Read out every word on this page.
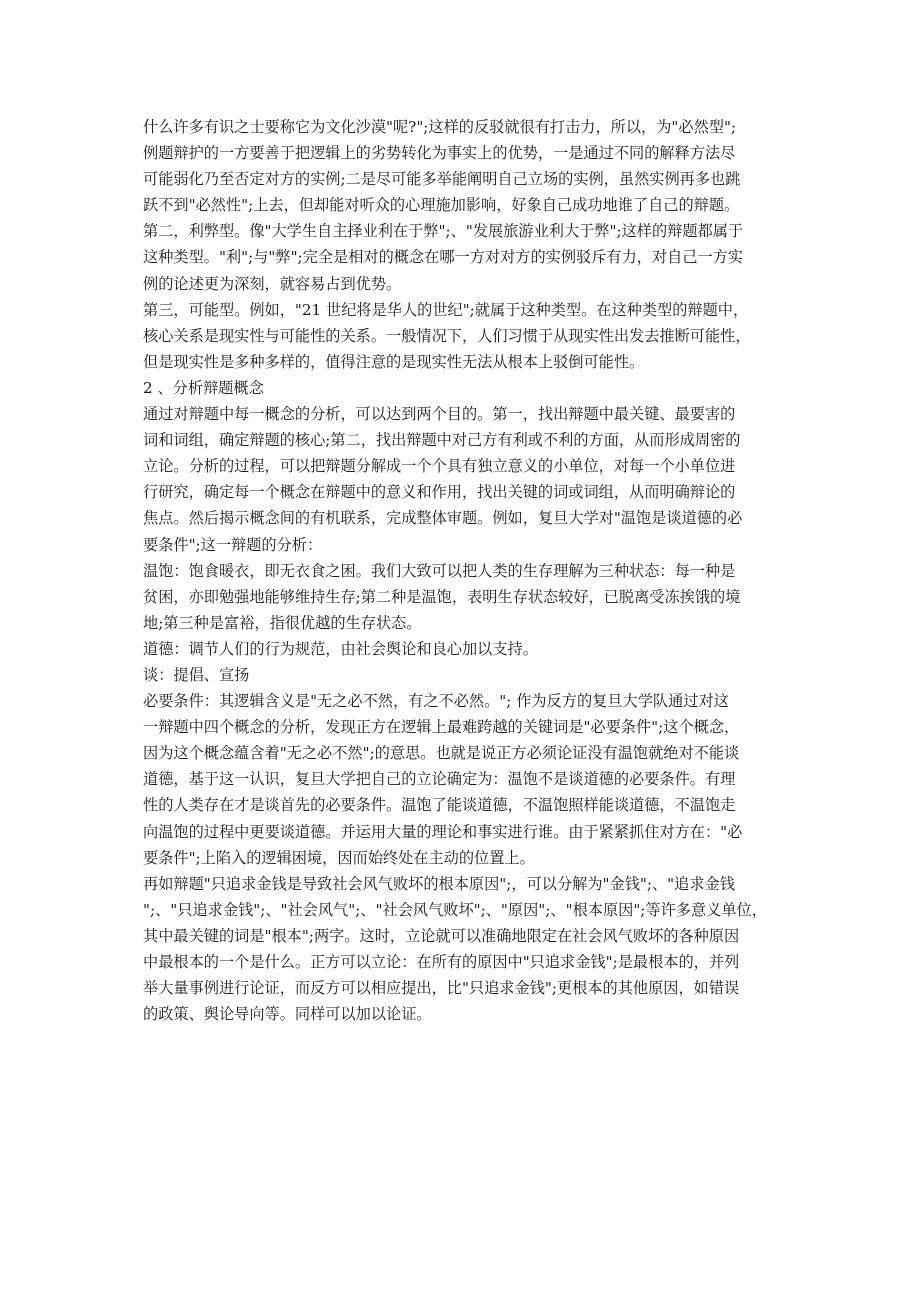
什么许多有识之士要称它为文化沙漠"呢?";这样的反驳就很有打击力，所以，为"必然型";
例题辩护的一方要善于把逻辑上的劣势转化为事实上的优势，一是通过不同的解释方法尽
可能弱化乃至否定对方的实例;二是尽可能多举能阐明自己立场的实例，虽然实例再多也跳
跃不到"必然性";上去，但却能对听众的心理施加影响，好象自己成功地谁了自己的辩题。
第二，利弊型。像"大学生自主择业利在于弊";、"发展旅游业利大于弊";这样的辩题都属于
这种类型。"利";与"弊";完全是相对的概念在哪一方对对方的实例驳斥有力，对自己一方实
例的论述更为深刻，就容易占到优势。
第三，可能型。例如，"21 世纪将是华人的世纪";就属于这种类型。在这种类型的辩题中，
核心关系是现实性与可能性的关系。一般情况下，人们习惯于从现实性出发去推断可能性，
但是现实性是多种多样的，值得注意的是现实性无法从根本上驳倒可能性。
2 、分析辩题概念
通过对辩题中每一概念的分析，可以达到两个目的。第一，找出辩题中最关键、最要害的
词和词组，确定辩题的核心;第二，找出辩题中对己方有利或不利的方面，从而形成周密的
立论。分析的过程，可以把辩题分解成一个个具有独立意义的小单位，对每一个小单位进
行研究，确定每一个概念在辩题中的意义和作用，找出关键的词或词组，从而明确辩论的
焦点。然后揭示概念间的有机联系，完成整体审题。例如，复旦大学对"温饱是谈道德的必
要条件";这一辩题的分析：
温饱：饱食暖衣，即无衣食之困。我们大致可以把人类的生存理解为三种状态：每一种是
贫困，亦即勉强地能够维持生存;第二种是温饱，表明生存状态较好，已脱离受冻挨饿的境
地;第三种是富裕，指很优越的生存状态。
道德：调节人们的行为规范，由社会舆论和良心加以支持。
谈：提倡、宣扬
必要条件：其逻辑含义是"无之必不然，有之不必然。"; 作为反方的复旦大学队通过对这
一辩题中四个概念的分析，发现正方在逻辑上最难跨越的关键词是"必要条件";这个概念，
因为这个概念蕴含着"无之必不然";的意思。也就是说正方必须论证没有温饱就绝对不能谈
道德，基于这一认识，复旦大学把自己的立论确定为：温饱不是谈道德的必要条件。有理
性的人类存在才是谈首先的必要条件。温饱了能谈道德，不温饱照样能谈道德，不温饱走
向温饱的过程中更要谈道德。并运用大量的理论和事实进行谁。由于紧紧抓住对方在："必
要条件";上陷入的逻辑困境，因而始终处在主动的位置上。
再如辩题"只追求金钱是导致社会风气败坏的根本原因";，可以分解为"金钱";、"追求金钱
";、"只追求金钱";、"社会风气";、"社会风气败坏";、"原因";、"根本原因";等许多意义单位，
其中最关键的词是"根本";两字。这时，立论就可以准确地限定在社会风气败坏的各种原因
中最根本的一个是什么。正方可以立论：在所有的原因中"只追求金钱";是最根本的，并列
举大量事例进行论证，而反方可以相应提出，比"只追求金钱";更根本的其他原因，如错误
的政策、舆论导向等。同样可以加以论证。
